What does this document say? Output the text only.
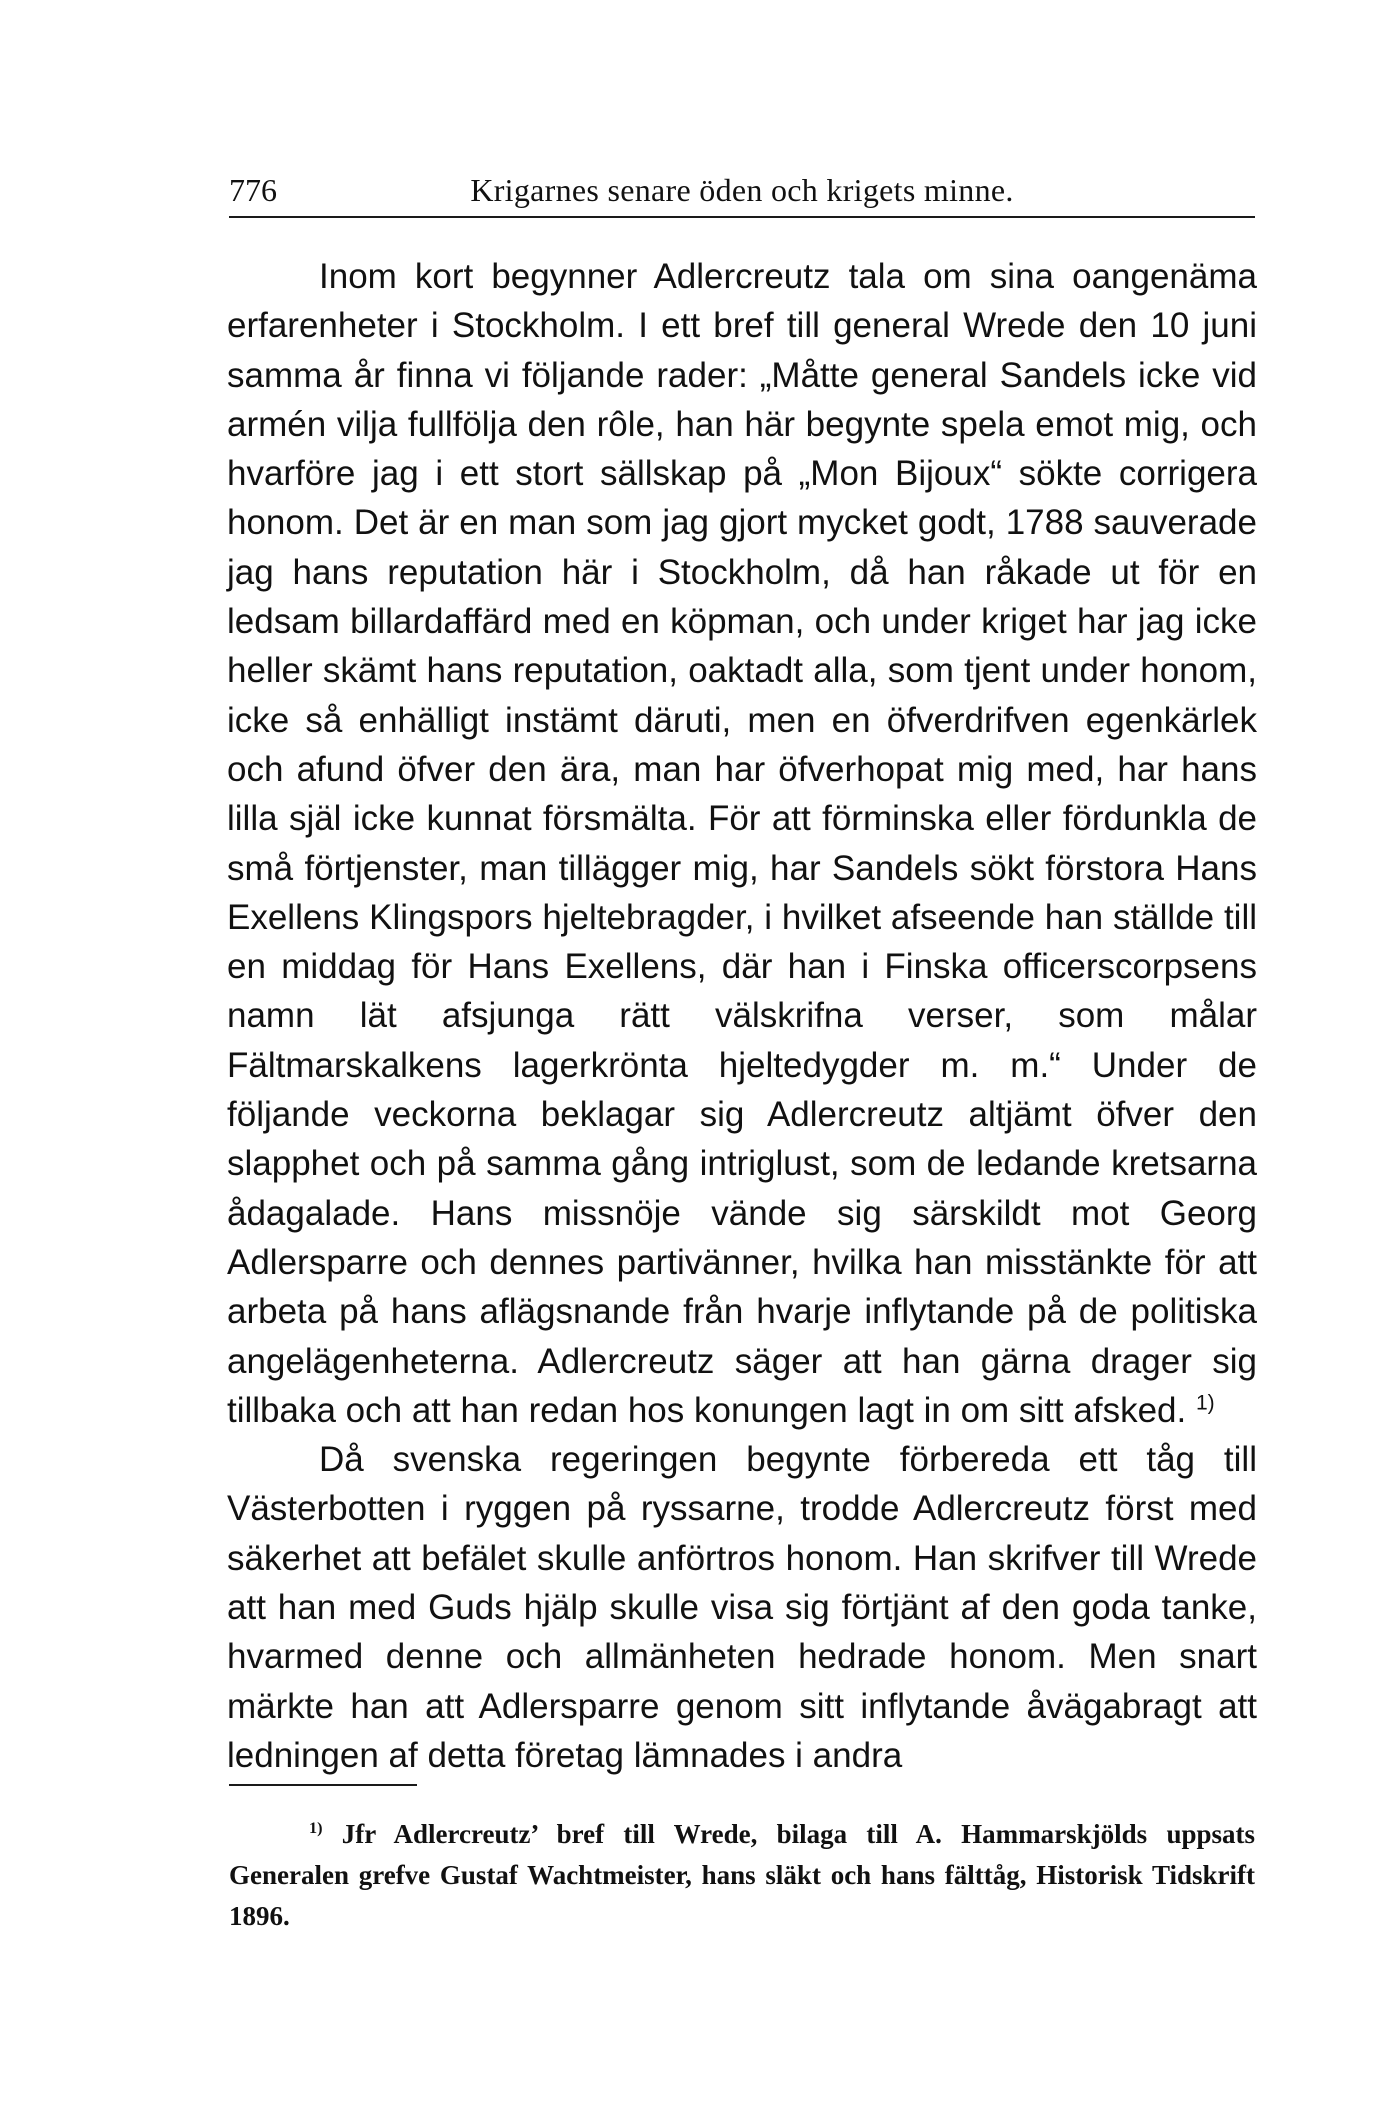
776	Krigarnes senare öden och krigets minne.

Inom kort begynner Adlercreutz tala om sina oangenäma erfarenheter i Stockholm. I ett bref till general Wrede den 10 juni samma år finna vi följande rader: „Måtte general Sandels icke vid armén vilja fullfölja den rôle, han här begynte spela emot mig, och hvarföre jag i ett stort sällskap på „Mon Bijoux“ sökte corrigera honom. Det är en man som jag gjort mycket godt, 1788 sauverade jag hans reputation här i Stockholm, då han råkade ut för en ledsam billardaffärd med en köpman, och under kriget har jag icke heller skämt hans reputation, oaktadt alla, som tjent under honom, icke så enhälligt instämt däruti, men en öfverdrifven egenkärlek och afund öfver den ära, man har öfverhopat mig med, har hans lilla själ icke kunnat försmälta. För att förminska eller fördunkla de små förtjenster, man tillägger mig, har Sandels sökt förstora Hans Exellens Klingspors hjeltebragder, i hvilket afseende han ställde till en middag för Hans Exellens, där han i Finska officerscorpsens namn lät afsjunga rätt välskrifna verser, som målar Fältmarskalkens lagerkrönta hjeltedygder m. m.“ Under de följande veckorna beklagar sig Adlercreutz altjämt öfver den slapphet och på samma gång intriglust, som de ledande kretsarna ådagalade. Hans missnöje vände sig särskildt mot Georg Adlersparre och dennes partivänner, hvilka han misstänkte för att arbeta på hans aflägsnande från hvarje inflytande på de politiska angelägenheterna. Adlercreutz säger att han gärna drager sig tillbaka och att han redan hos konungen lagt in om sitt afsked. $^{1)}$

Då svenska regeringen begynte förbereda ett tåg till Västerbotten i ryggen på ryssarne, trodde Adlercreutz först med säkerhet att befälet skulle anförtros honom. Han skrifver till Wrede att han med Guds hjälp skulle visa sig förtjänt af den goda tanke, hvarmed denne och allmänheten hedrade honom. Men snart märkte han att Adlersparre genom sitt inflytande åvägabragt att ledningen af detta företag lämnades i andra

$^{1)}$ Jfr Adlercreutz’ bref till Wrede, bilaga till A. Hammarskjölds uppsats Generalen grefve Gustaf Wachtmeister, hans släkt och hans fälttåg, Historisk Tidskrift 1896.
